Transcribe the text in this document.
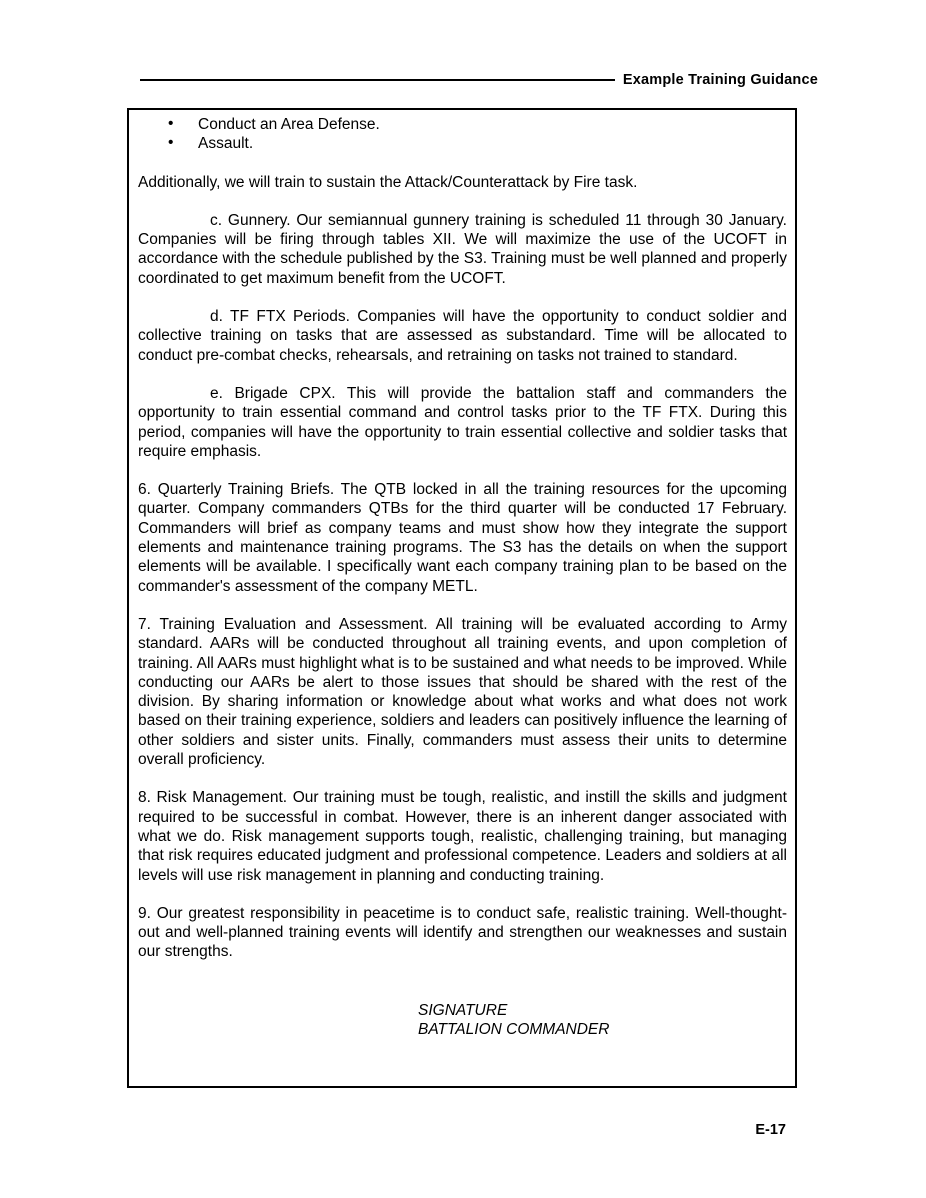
Example Training Guidance
• Conduct an Area Defense.
• Assault.

Additionally, we will train to sustain the Attack/Counterattack by Fire task.

c. Gunnery. Our semiannual gunnery training is scheduled 11 through 30 January. Companies will be firing through tables XII. We will maximize the use of the UCOFT in accordance with the schedule published by the S3. Training must be well planned and properly coordinated to get maximum benefit from the UCOFT.

d. TF FTX Periods. Companies will have the opportunity to conduct soldier and collective training on tasks that are assessed as substandard. Time will be allocated to conduct pre-combat checks, rehearsals, and retraining on tasks not trained to standard.

e. Brigade CPX. This will provide the battalion staff and commanders the opportunity to train essential command and control tasks prior to the TF FTX. During this period, companies will have the opportunity to train essential collective and soldier tasks that require emphasis.

6. Quarterly Training Briefs. The QTB locked in all the training resources for the upcoming quarter. Company commanders QTBs for the third quarter will be conducted 17 February. Commanders will brief as company teams and must show how they integrate the support elements and maintenance training programs. The S3 has the details on when the support elements will be available. I specifically want each company training plan to be based on the commander's assessment of the company METL.

7. Training Evaluation and Assessment. All training will be evaluated according to Army standard. AARs will be conducted throughout all training events, and upon completion of training. All AARs must highlight what is to be sustained and what needs to be improved. While conducting our AARs be alert to those issues that should be shared with the rest of the division. By sharing information or knowledge about what works and what does not work based on their training experience, soldiers and leaders can positively influence the learning of other soldiers and sister units. Finally, commanders must assess their units to determine overall proficiency.

8. Risk Management. Our training must be tough, realistic, and instill the skills and judgment required to be successful in combat. However, there is an inherent danger associated with what we do. Risk management supports tough, realistic, challenging training, but managing that risk requires educated judgment and professional competence. Leaders and soldiers at all levels will use risk management in planning and conducting training.

9. Our greatest responsibility in peacetime is to conduct safe, realistic training. Well-thought-out and well-planned training events will identify and strengthen our weaknesses and sustain our strengths.

SIGNATURE
BATTALION COMMANDER
E-17
